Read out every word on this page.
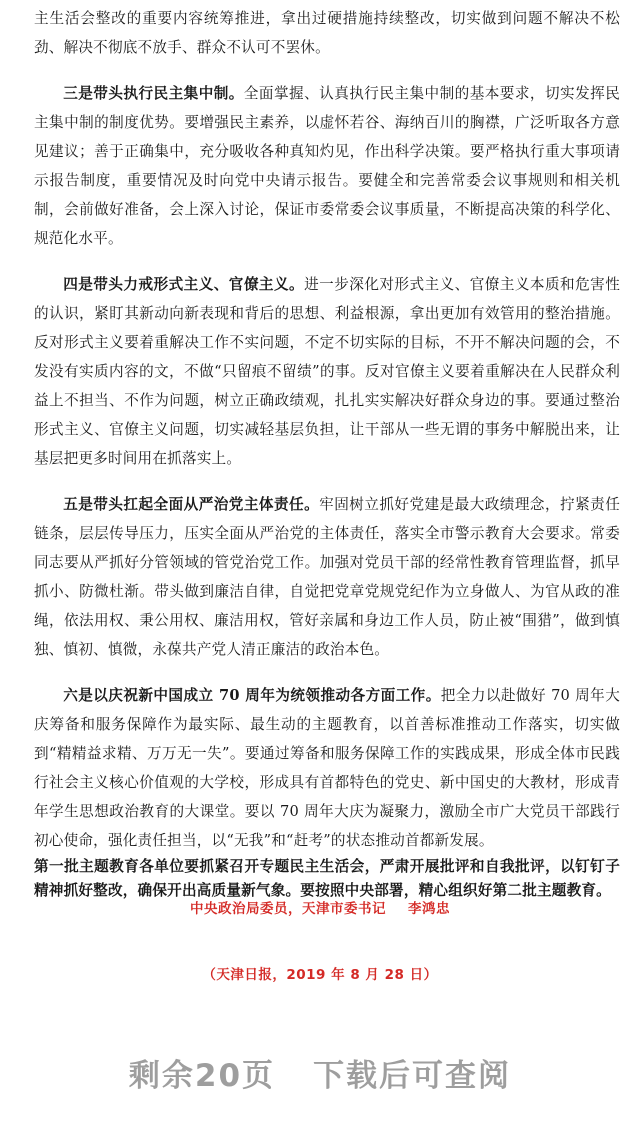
主生活会整改的重要内容统筹推进，拿出过硬措施持续整改，切实做到问题不解决不松劲、解决不彻底不放手、群众不认可不罢休。

三是带头执行民主集中制。全面掌握、认真执行民主集中制的基本要求，切实发挥民主集中制的制度优势。要增强民主素养，以虚怀若谷、海纳百川的胸襟，广泛听取各方意见建议；善于正确集中，充分吸收各种真知灼见，作出科学决策。要严格执行重大事项请示报告制度，重要情况及时向党中央请示报告。要健全和完善常委会议事规则和相关机制，会前做好准备，会上深入讨论，保证市委常委会议事质量，不断提高决策的科学化、规范化水平。

四是带头力戒形式主义、官僚主义。进一步深化对形式主义、官僚主义本质和危害性的认识，紧盯其新动向新表现和背后的思想、利益根源，拿出更加有效管用的整治措施。反对形式主义要着重解决工作不实问题，不定不切实际的目标，不开不解决问题的会，不发没有实质内容的文，不做“只留痕不留绩”的事。反对官僚主义要着重解决在人民群众利益上不担当、不作为问题，树立正确政绩观，扎扎实实解决好群众身边的事。要通过整治形式主义、官僚主义问题，切实减轻基层负担，让干部从一些无谓的事务中解脱出来，让基层把更多时间用在抓落实上。

五是带头扛起全面从严治党主体责任。牢固树立抓好党建是最大政绩理念，拧紧责任链条，层层传导压力，压实全面从严治党的主体责任，落实全市警示教育大会要求。常委同志要从严抓好分管领域的管党治党工作。加强对党员干部的经常性教育管理监督，抓早抓小、防微杜渐。带头做到廉洁自律，自觉把党章党规党纪作为立身做人、为官从政的准绳，依法用权、秉公用权、廉洁用权，管好亲属和身边工作人员，防止被“围猎”，做到慎独、慎初、慎微，永葆共产党人清正廉洁的政治本色。

六是以庆祝新中国成立 70 周年为统领推动各方面工作。把全力以赴做好 70 周年大庆筹备和服务保障作为最实际、最生动的主题教育，以首善标准推动工作落实，切实做到“精精益求精、万万无一失”。要通过筹备和服务保障工作的实践成果，形成全体市民践行社会主义核心价值观的大学校，形成具有首都特色的党史、新中国史的大教材，形成青年学生思想政治教育的大课堂。要以 70 周年大庆为凝聚力，激励全市广大党员干部践行初心使命，强化责任担当，以“无我”和“赶考”的状态推动首都新发展。

第一批主题教育各单位要抓紧召开专题民主生活会，严肃开展批评和自我批评，以钉钉子精神抓好整改，确保开出高质量新气象。要按照中央部署，精心组织好第二批主题教育。

中央政治局委员，天津市委书记 李鸿忠
（天津日报，2019 年 8 月 28 日）
剩余20页 下载后可查阅
